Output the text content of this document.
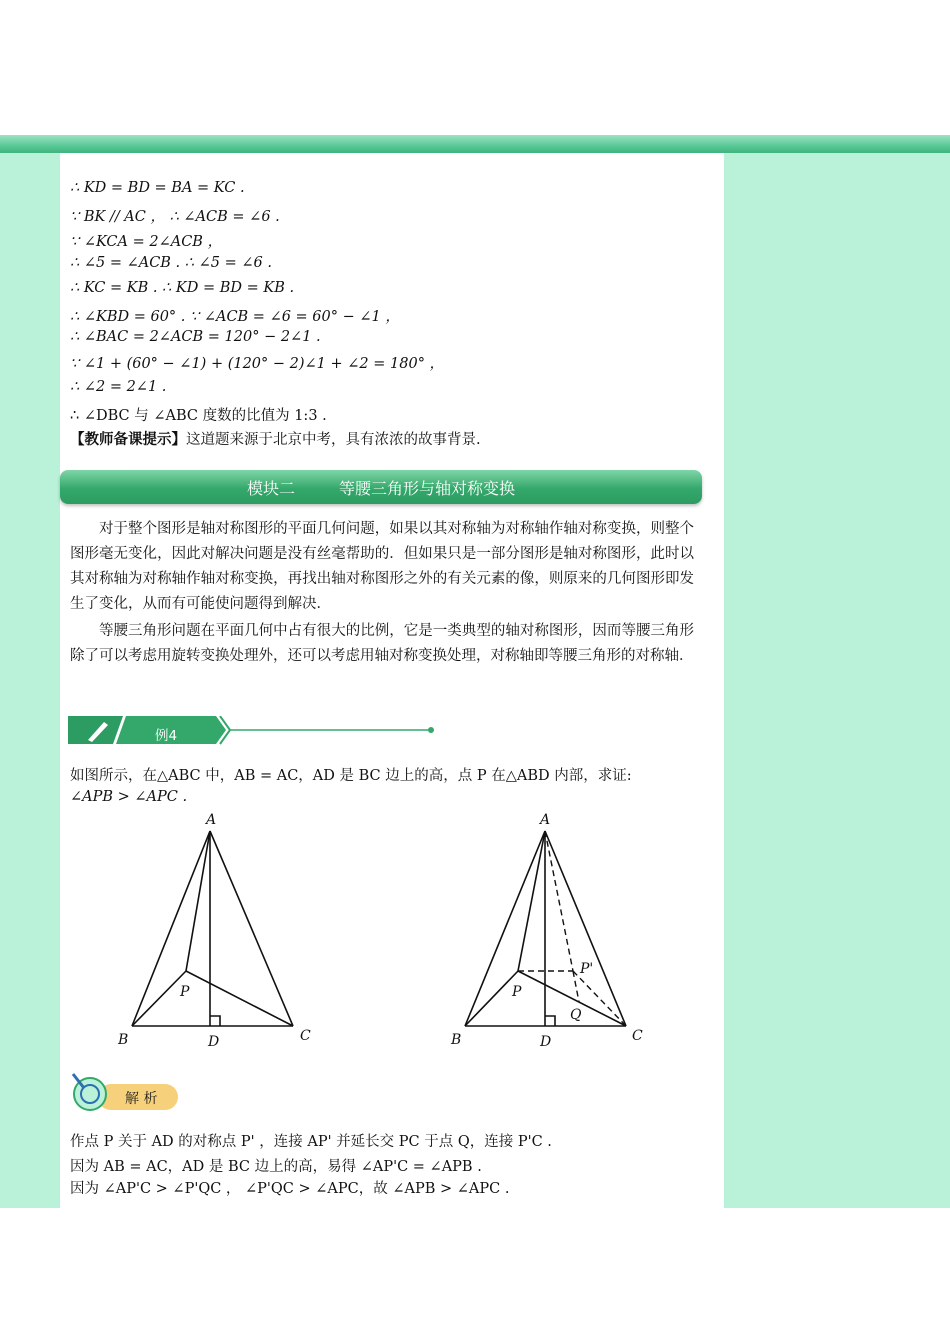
∴ KD = BD = BA = KC .
∵ BK // AC ， ∴ ∠ACB = ∠6 .
∵ ∠KCA = 2∠ACB ，
∴ ∠5 = ∠ACB . ∴ ∠5 = ∠6 .
∴ KC = KB . ∴ KD = BD = KB .
∴ ∠KBD = 60° . ∵ ∠ACB = ∠6 = 60° − ∠1 ，
∴ ∠BAC = 2∠ACB = 120° − 2∠1 .
∵ ∠1 + (60° − ∠1) + (120° − 2)∠1 + ∠2 = 180° ，
∴ ∠2 = 2∠1 .
∴ ∠DBC 与 ∠ABC 度数的比值为 1:3 .
【教师备课提示】这道题来源于北京中考，具有浓浓的故事背景.
模块二	等腰三角形与轴对称变换
对于整个图形是轴对称图形的平面几何问题，如果以其对称轴为对称轴作轴对称变换，则整个图形毫无变化，因此对解决问题是没有丝毫帮助的．但如果只是一部分图形是轴对称图形，此时以其对称轴为对称轴作轴对称变换，再找出轴对称图形之外的有关元素的像，则原来的几何图形即发生了变化，从而有可能使问题得到解决．
等腰三角形问题在平面几何中占有很大的比例，它是一类典型的轴对称图形，因而等腰三角形除了可以考虑用旋转变换处理外，还可以考虑用轴对称变换处理，对称轴即等腰三角形的对称轴．
例4
如图所示，在△ABC 中，AB = AC，AD 是 BC 边上的高，点 P 在△ABD 内部，求证:
∠APB > ∠APC .
A
B	C
D
P
A
B	C
D
P
P'
Q
解 析
作点 P 关于 AD 的对称点 P' ，连接 AP' 并延长交 PC 于点 Q，连接 P'C .
因为 AB = AC，AD 是 BC 边上的高，易得 ∠AP'C = ∠APB .
因为 ∠AP'C > ∠P'QC ， ∠P'QC > ∠APC，故 ∠APB > ∠APC .
